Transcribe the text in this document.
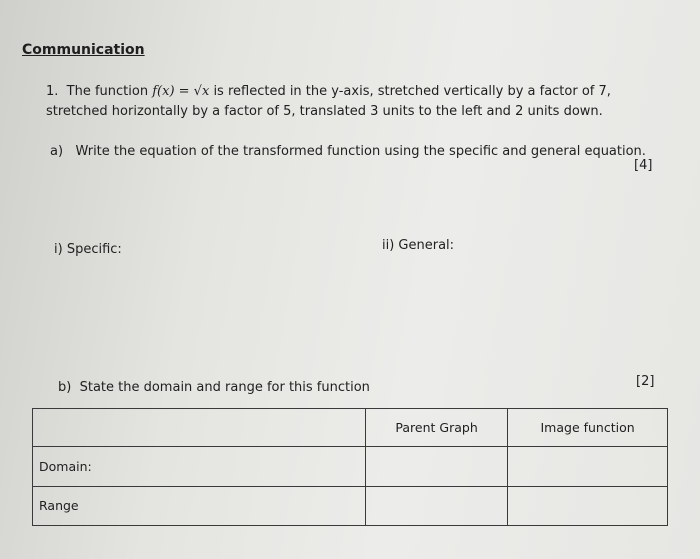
Communication
1. The function f(x) = √x is reflected in the y-axis, stretched vertically by a factor of 7,
stretched horizontally by a factor of 5, translated 3 units to the left and 2 units down.
a) Write the equation of the transformed function using the specific and general equation.
[4]
i) Specific:	ii) General:
b) State the domain and range for this function	[2]
	Parent Graph	Image function
Domain:		
Range		
